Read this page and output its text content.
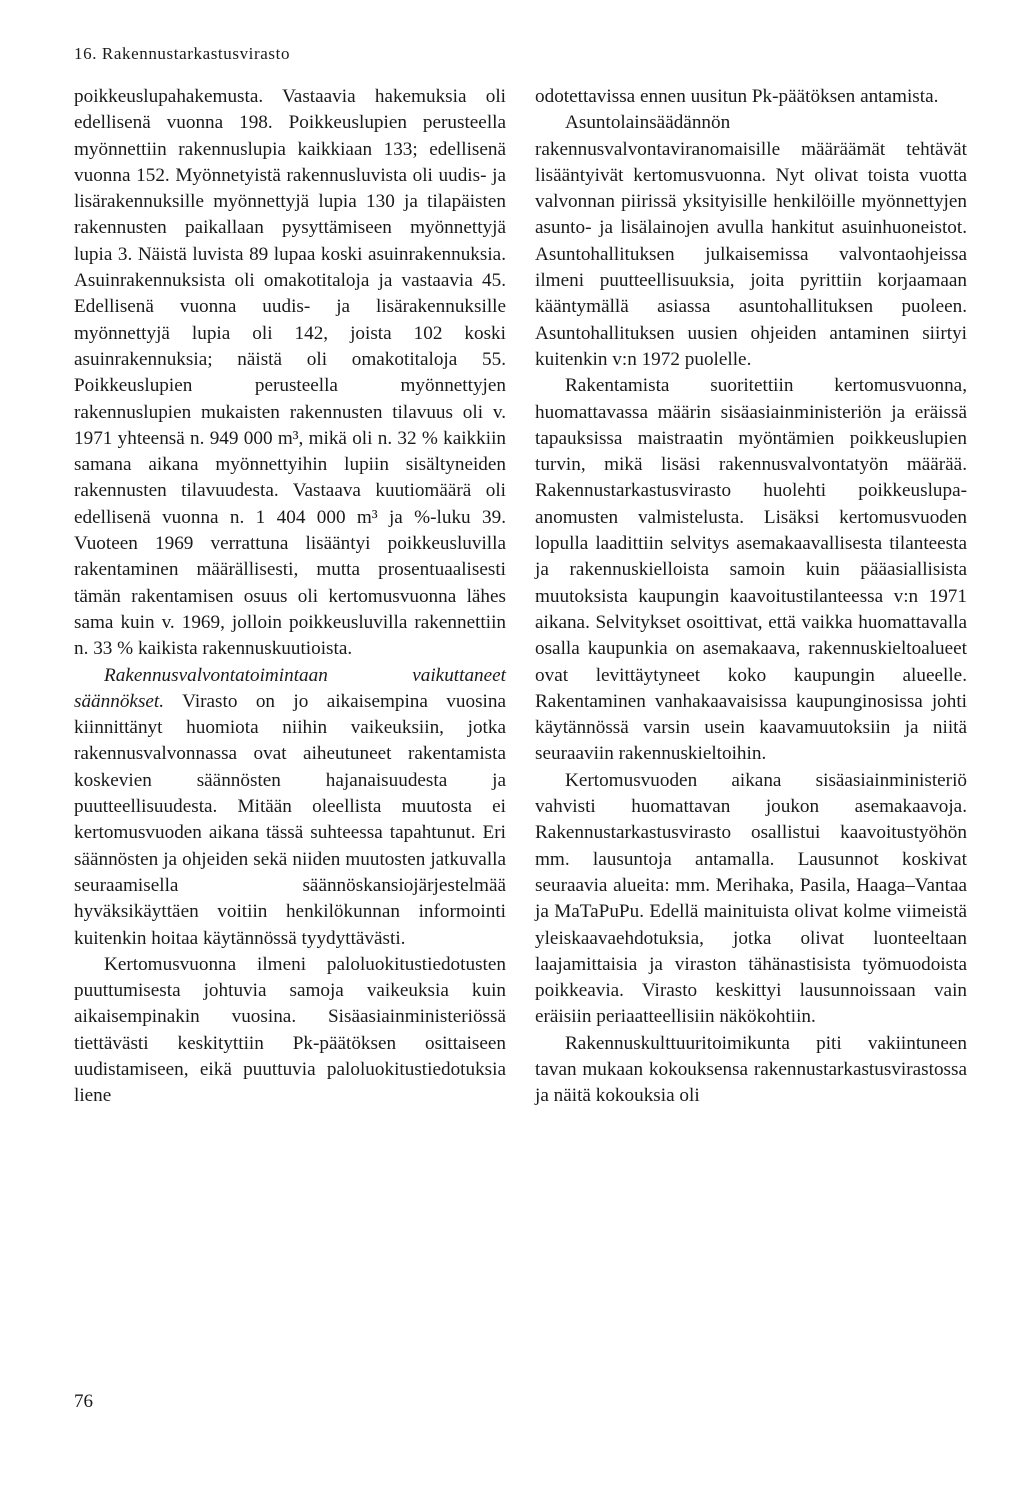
16. Rakennustarkastusvirasto

poikkeuslupahakemusta. Vastaavia hakemuksia oli edellisenä vuonna 198. Poikkeuslupien perusteella myönnettiin rakennuslupia kaikkiaan 133; edellisenä vuonna 152. Myönnetyistä rakennusluvista oli uudis- ja lisärakennuksille myönnettyjä lupia 130 ja tilapäisten rakennusten paikallaan pysyttämiseen myönnettyjä lupia 3. Näistä luvista 89 lupaa koski asuinrakennuksia. Asuinrakennuksista oli omakotitaloja ja vastaavia 45. Edellisenä vuonna uudis- ja lisärakennuksille myönnettyjä lupia oli 142, joista 102 koski asuinrakennuksia; näistä oli omakotitaloja 55. Poikkeuslupien perusteella myönnettyjen rakennuslupien mukaisten rakennusten tilavuus oli v. 1971 yhteensä n. 949 000 m³, mikä oli n. 32 % kaikkiin samana aikana myönnettyihin lupiin sisältyneiden rakennusten tilavuudesta. Vastaava kuutiomäärä oli edellisenä vuonna n. 1 404 000 m³ ja %-luku 39. Vuoteen 1969 verrattuna lisääntyi poikkeusluvilla rakentaminen määrällisesti, mutta prosentuaalisesti tämän rakentamisen osuus oli kertomusvuonna lähes sama kuin v. 1969, jolloin poikkeusluvilla rakennettiin n. 33 % kaikista rakennuskuutioista.

Rakennusvalvontatoimintaan vaikuttaneet säännökset. Virasto on jo aikaisempina vuosina kiinnittänyt huomiota niihin vaikeuksiin, jotka rakennusvalvonnassa ovat aiheutuneet rakentamista koskevien säännösten hajanaisuudesta ja puutteellisuudesta. Mitään oleellista muutosta ei kertomusvuoden aikana tässä suhteessa tapahtunut. Eri säännösten ja ohjeiden sekä niiden muutosten jatkuvalla seuraamisella säännöskansiojärjestelmää hyväksikäyttäen voitiin henkilökunnan informointi kuitenkin hoitaa käytännössä tyydyttävästi.

Kertomusvuonna ilmeni paloluokitustiedotusten puuttumisesta johtuvia samoja vaikeuksia kuin aikaisempinakin vuosina. Sisäasiainministeriössä tiettävästi keskityttiin Pk-päätöksen osittaiseen uudistamiseen, eikä puuttuvia paloluokitustiedotuksia liene

odotettavissa ennen uusitun Pk-päätöksen antamista.

Asuntolainsäädännön rakennusvalvontaviranomaisille määräämät tehtävät lisääntyivät kertomusvuonna. Nyt olivat toista vuotta valvonnan piirissä yksityisille henkilöille myönnettyjen asunto- ja lisälainojen avulla hankitut asuinhuoneistot. Asuntohallituksen julkaisemissa valvontaohjeissa ilmeni puutteellisuuksia, joita pyrittiin korjaamaan kääntymällä asiassa asuntohallituksen puoleen. Asuntohallituksen uusien ohjeiden antaminen siirtyi kuitenkin v:n 1972 puolelle.

Rakentamista suoritettiin kertomusvuonna, huomattavassa määrin sisäasiainministeriön ja eräissä tapauksissa maistraatin myöntämien poikkeuslupien turvin, mikä lisäsi rakennusvalvontatyön määrää. Rakennustarkastusvirasto huolehti poikkeuslupa-anomusten valmistelusta. Lisäksi kertomusvuoden lopulla laadittiin selvitys asemakaavallisesta tilanteesta ja rakennuskielloista samoin kuin pääasiallisista muutoksista kaupungin kaavoitustilanteessa v:n 1971 aikana. Selvitykset osoittivat, että vaikka huomattavalla osalla kaupunkia on asemakaava, rakennuskieltoalueet ovat levittäytyneet koko kaupungin alueelle. Rakentaminen vanhakaavaisissa kaupunginosissa johti käytännössä varsin usein kaavamuutoksiin ja niitä seuraaviin rakennuskieltoihin.

Kertomusvuoden aikana sisäasiainministeriö vahvisti huomattavan joukon asemakaavoja. Rakennustarkastusvirasto osallistui kaavoitustyöhön mm. lausuntoja antamalla. Lausunnot koskivat seuraavia alueita: mm. Merihaka, Pasila, Haaga–Vantaa ja MaTaPuPu. Edellä mainituista olivat kolme viimeistä yleiskaavaehdotuksia, jotka olivat luonteeltaan laajamittaisia ja viraston tähänastisista työmuodoista poikkeavia. Virasto keskittyi lausunnoissaan vain eräisiin periaatteellisiin näkökohtiin.

Rakennuskulttuuritoimikunta piti vakiintuneen tavan mukaan kokouksensa rakennustarkastusvirastossa ja näitä kokouksia oli

76
